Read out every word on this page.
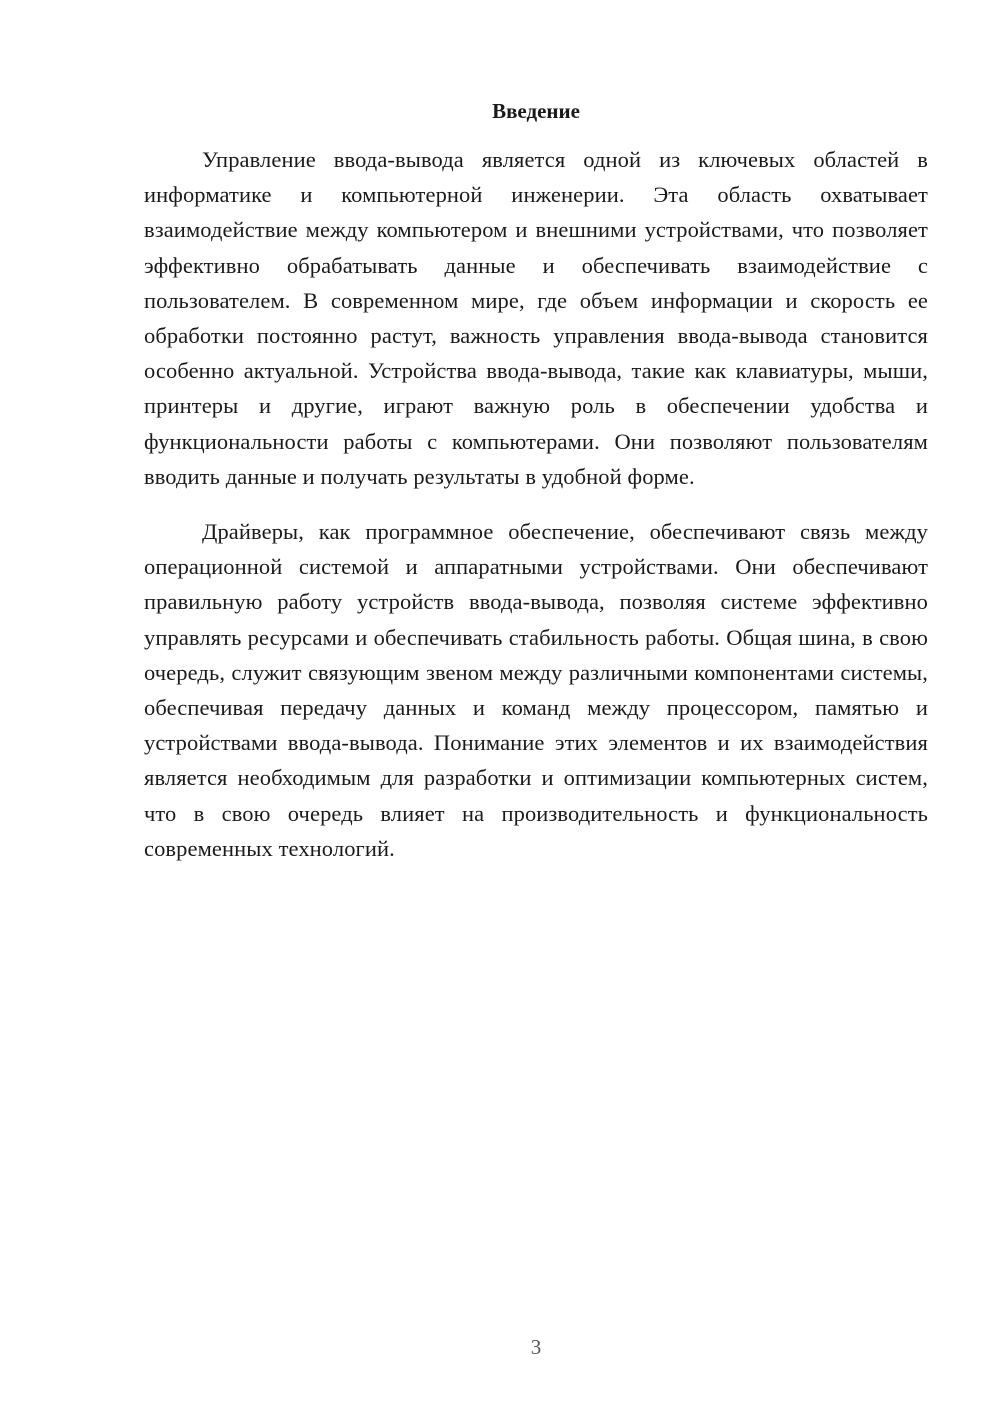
Введение

Управление ввода-вывода является одной из ключевых областей в информатике и компьютерной инженерии. Эта область охватывает взаимодействие между компьютером и внешними устройствами, что позволяет эффективно обрабатывать данные и обеспечивать взаимодействие с пользователем. В современном мире, где объем информации и скорость ее обработки постоянно растут, важность управления ввода-вывода становится особенно актуальной. Устройства ввода-вывода, такие как клавиатуры, мыши, принтеры и другие, играют важную роль в обеспечении удобства и функциональности работы с компьютерами. Они позволяют пользователям вводить данные и получать результаты в удобной форме.

Драйверы, как программное обеспечение, обеспечивают связь между операционной системой и аппаратными устройствами. Они обеспечивают правильную работу устройств ввода-вывода, позволяя системе эффективно управлять ресурсами и обеспечивать стабильность работы. Общая шина, в свою очередь, служит связующим звеном между различными компонентами системы, обеспечивая передачу данных и команд между процессором, памятью и устройствами ввода-вывода. Понимание этих элементов и их взаимодействия является необходимым для разработки и оптимизации компьютерных систем, что в свою очередь влияет на производительность и функциональность современных технологий.

3
